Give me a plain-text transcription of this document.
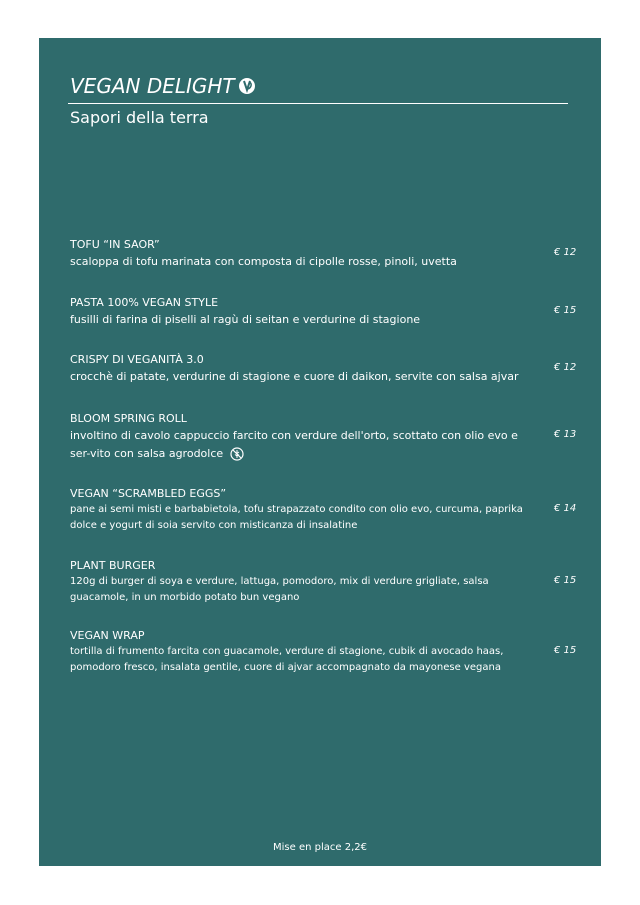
VEGAN DELIGHT
Sapori della terra
TOFU “IN SAOR”
scaloppa di tofu marinata con composta di cipolle rosse, pinoli, uvetta
€ 12
PASTA 100% VEGAN STYLE
fusilli di farina di piselli al ragù di seitan e verdurine di stagione
€ 15
CRISPY DI VEGANITÀ 3.0
crocchè di patate, verdurine di stagione e cuore di daikon, servite con salsa ajvar
€ 12
BLOOM SPRING ROLL
involtino di cavolo cappuccio farcito con verdure dell'orto, scottato con olio evo e ser-vito con salsa agrodolce
€ 13
VEGAN “SCRAMBLED EGGS”
pane ai semi misti e barbabietola, tofu strapazzato condito con olio evo, curcuma, paprika dolce e yogurt di soia servito con misticanza di insalatine
€ 14
PLANT BURGER
120g di burger di soya e verdure, lattuga, pomodoro, mix di verdure grigliate, salsa guacamole, in un morbido potato bun vegano
€ 15
VEGAN WRAP
tortilla di frumento farcita con guacamole, verdure di stagione, cubik di avocado haas, pomodoro fresco, insalata gentile, cuore di ajvar accompagnato da mayonese vegana
€ 15
Mise en place 2,2€
